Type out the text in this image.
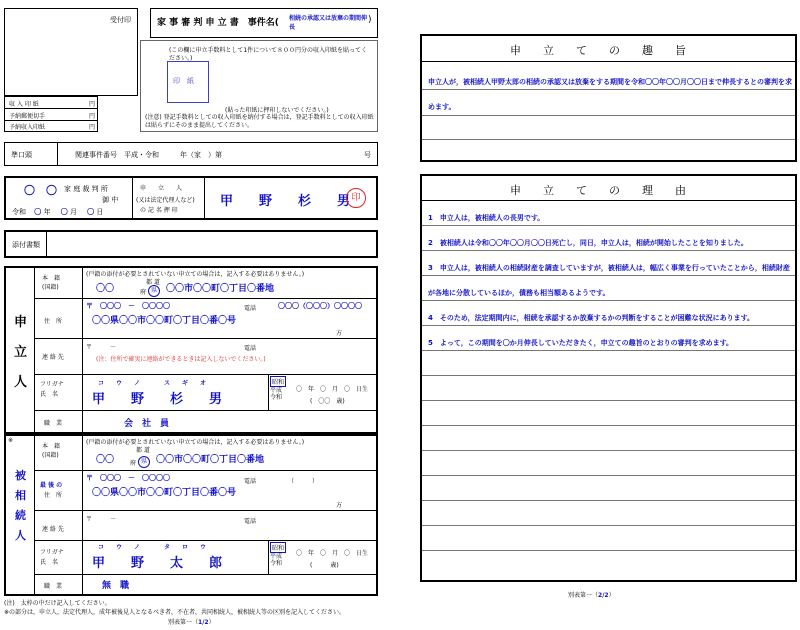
受付印	家 事 審 判 申 立 書　事件名( 相続の承認又は放棄の期間伸長
)
(この欄に申立手数料として1件について８００円分の収入印紙を貼ってください。)
印　紙
(貼った印紙に押印しないでください。)
(注意) 登記手数料としての収入印紙を納付する場合は，登記手数料としての収入印紙は貼らずにそのまま提出してください。
収 入 印 紙	円
予納郵便切手	円
予納収入印紙	円
準口頭	関連事件番号　平成・令和　　　年（家　）第	号
〇　〇 家 庭 裁 判 所
御 中
令和 〇 年 〇 月 〇 日
申　　立　　人
(又は法定代理人など)
の 記 名 押 印
甲　　野　　杉　　男 印
添付書類
申
立
人
本　籍
(国籍)
(戸籍の添付が必要とされていない申立ての場合は，記入する必要はありません。)
〇〇
都 道
府 県	〇〇市〇〇町〇丁目〇番地
住　所
〒　〇〇〇　－　〇〇〇〇	電話	〇〇〇（〇〇〇）〇〇〇〇
〇〇県〇〇市〇〇町〇丁目〇番〇号
方
連 絡 先
〒　　　－	電話
(注：住所で確実に連絡ができるときは記入しないでください。)
フリガナ
氏　名
コ　　ウ　　ノ　　　　ス　　ギ　　オ
甲　　野　　杉　　男
昭和
平成
令和
〇　年　〇　月　〇　日生
(　〇〇　歳)
職　業	会　社　員
※
被
相
続
人
本　籍
(国籍)
(戸籍の添付が必要とされていない申立ての場合は，記入する必要はありません。)
〇〇
都 道
府 県	〇〇市〇〇町〇丁目〇番地
最 後 の
住　所
〒　〇〇〇　－　〇〇〇〇	電話	（　　　）
〇〇県〇〇市〇〇町〇丁目〇番〇号
方
連 絡 先
〒　　　－	電話
フリガナ
氏　名
コ　　ウ　　ノ　　　　タ　　ロ　　ウ
甲　　野　　太　　郎
昭和
平成
令和
〇　年　〇　月　〇　日生
(　　　歳)
職　業	無　職
(注)　太枠の中だけ記入してください。
※の部分は，申立人，法定代理人，成年被後見人となるべき者，不在者，共同相続人，被相続人等の区別を記入してください。
別表第一（1/2）
申　　立　　て　　の　　趣　　旨
申立人が，被相続人甲野太郎の相続の承認又は放棄をする期間を令和〇〇年〇〇月〇〇日まで伸長するとの審判を求めます。
申　　立　　て　　の　　理　　由
1　申立人は，被相続人の長男です。
2　被相続人は令和〇〇年〇〇月〇〇日死亡し，同日，申立人は，相続が開始したことを知りました。
3　申立人は，被相続人の相続財産を調査していますが，被相続人は，幅広く事業を行っていたことから，相続財産が各地に分散しているほか，債務も相当額あるようです。
4　そのため，法定期間内に，相続を承認するか放棄するかの判断をすることが困難な状況にあります。
5　よって，この期間を〇か月伸長していただきたく，申立ての趣旨のとおりの審判を求めます。
別表第一（2/2）
